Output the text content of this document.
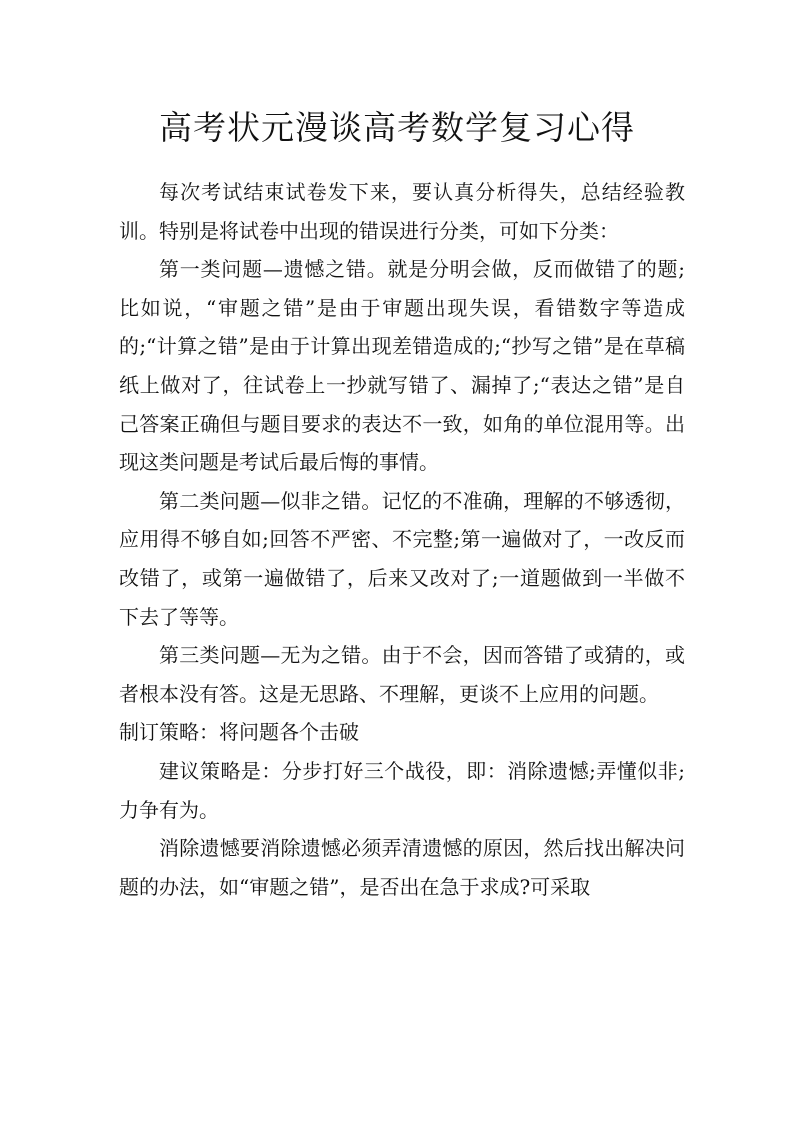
高考状元漫谈高考数学复习心得

每次考试结束试卷发下来，要认真分析得失，总结经验教训。特别是将试卷中出现的错误进行分类，可如下分类：

第一类问题—遗憾之错。就是分明会做，反而做错了的题;比如说，“审题之错”是由于审题出现失误，看错数字等造成的;“计算之错”是由于计算出现差错造成的;“抄写之错”是在草稿纸上做对了，往试卷上一抄就写错了、漏掉了;“表达之错”是自己答案正确但与题目要求的表达不一致，如角的单位混用等。出现这类问题是考试后最后悔的事情。

第二类问题—似非之错。记忆的不准确，理解的不够透彻，应用得不够自如;回答不严密、不完整;第一遍做对了，一改反而改错了，或第一遍做错了，后来又改对了;一道题做到一半做不下去了等等。

第三类问题—无为之错。由于不会，因而答错了或猜的，或者根本没有答。这是无思路、不理解，更谈不上应用的问题。

制订策略：将问题各个击破

建议策略是：分步打好三个战役，即：消除遗憾;弄懂似非;力争有为。

消除遗憾要消除遗憾必须弄清遗憾的原因，然后找出解决问题的办法，如“审题之错”，是否出在急于求成?可采取
